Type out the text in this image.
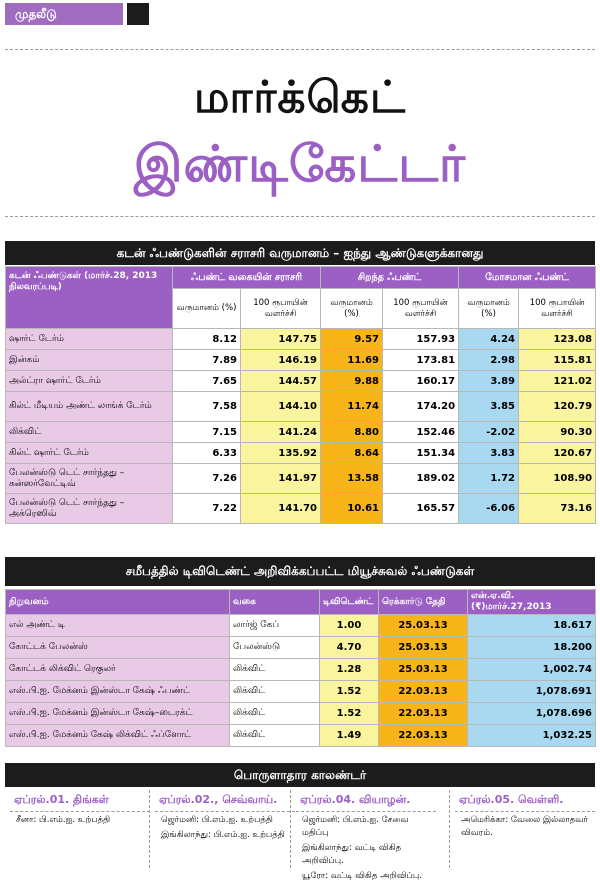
முதலீடு
மார்க்கெட்
இண்டிகேட்டர்
கடன் ஃபண்டுகளின் சராசரி வருமானம் – ஐந்து ஆண்டுகளுக்கானது
கடன் ஃபண்டுகள் (மார்ச்.28, 2013 நிலவரப்படி)	ஃபண்ட் வகையின் சராசரி		சிறந்த ஃபண்ட்		மோசமான ஃபண்ட்	
	வருமானம் (%)	100 ரூபாயின் வளர்ச்சி	வருமானம் (%)	100 ரூபாயின் வளர்ச்சி	வருமானம் (%)	100 ரூபாயின் வளர்ச்சி
ஷார்ட் டேர்ம்	8.12	147.75	9.57	157.93	4.24	123.08
இன்கம்	7.89	146.19	11.69	173.81	2.98	115.81
அல்ட்ரா ஷார்ட் டேர்ம்	7.65	144.57	9.88	160.17	3.89	121.02
கில்ட் மீடியம் அண்ட் லாங்க் டேர்ம்	7.58	144.10	11.74	174.20	3.85	120.79
லிக்விட்	7.15	141.24	8.80	152.46	-2.02	90.30
கில்ட் ஷார்ட் டேர்ம்	6.33	135.92	8.64	151.34	3.83	120.67
பேலன்ஸ்டு டெட் சார்ந்தது – கன்ஸர்வேட்டிவ்	7.26	141.97	13.58	189.02	1.72	108.90
பேலன்ஸ்டு டெட் சார்ந்தது – அக்ரெஸிவ்	7.22	141.70	10.61	165.57	-6.06	73.16
சமீபத்தில் டிவிடெண்ட் அறிவிக்கப்பட்ட மியூச்சுவல் ஃபண்டுகள்
நிறுவனம்	வகை	டிவிடெண்ட்	ரெக்கார்டு தேதி	என்.ஏ.வி.(₹)மார்ச்.27,2013
எல் அண்ட் டி	லார்ஜ் கேப்	1.00	25.03.13	18.617
கோட்டக் பேலன்ஸ்	பேலன்ஸ்டு	4.70	25.03.13	18.200
கோட்டக் லிக்விட் ரெகுலர்	லிக்விட்	1.28	25.03.13	1,002.74
எஸ்.பி.ஐ. மேக்னம் இன்ஸ்டா கேஷ் ஃபண்ட்	லிக்விட்	1.52	22.03.13	1,078.691
எஸ்.பி.ஐ. மேக்னம் இன்ஸ்டா கேஷ்–டைரக்ட்	லிக்விட்	1.52	22.03.13	1,078.696
எஸ்.பி.ஐ. மேக்னம் கேஷ் லிக்விட் ஃப்ளோட்	லிக்விட்	1.49	22.03.13	1,032.25
பொருளாதார காலண்டர்
ஏப்ரல்.01. திங்கள்
சீனா: பி.எம்.ஐ. உற்பத்தி
ஏப்ரல்.02., செவ்வாய்.
ஜெர்மனி: பி.எம்.ஐ. உற்பத்தி
இங்கிலாந்து: பி.எம்.ஐ. உற்பத்தி
ஏப்ரல்.04. வியாழன்.
ஜெர்மனி: பி.எம்.ஐ. சேவை மதிப்பு
இங்கிலாந்து: வட்டி விகித அறிவிப்பு.
யூரோ: வட்டி விகித அறிவிப்பு.
ஏப்ரல்.05. வெள்ளி.
அமெரிக்கா: வேலை இல்லாதவர் விவரம்.
